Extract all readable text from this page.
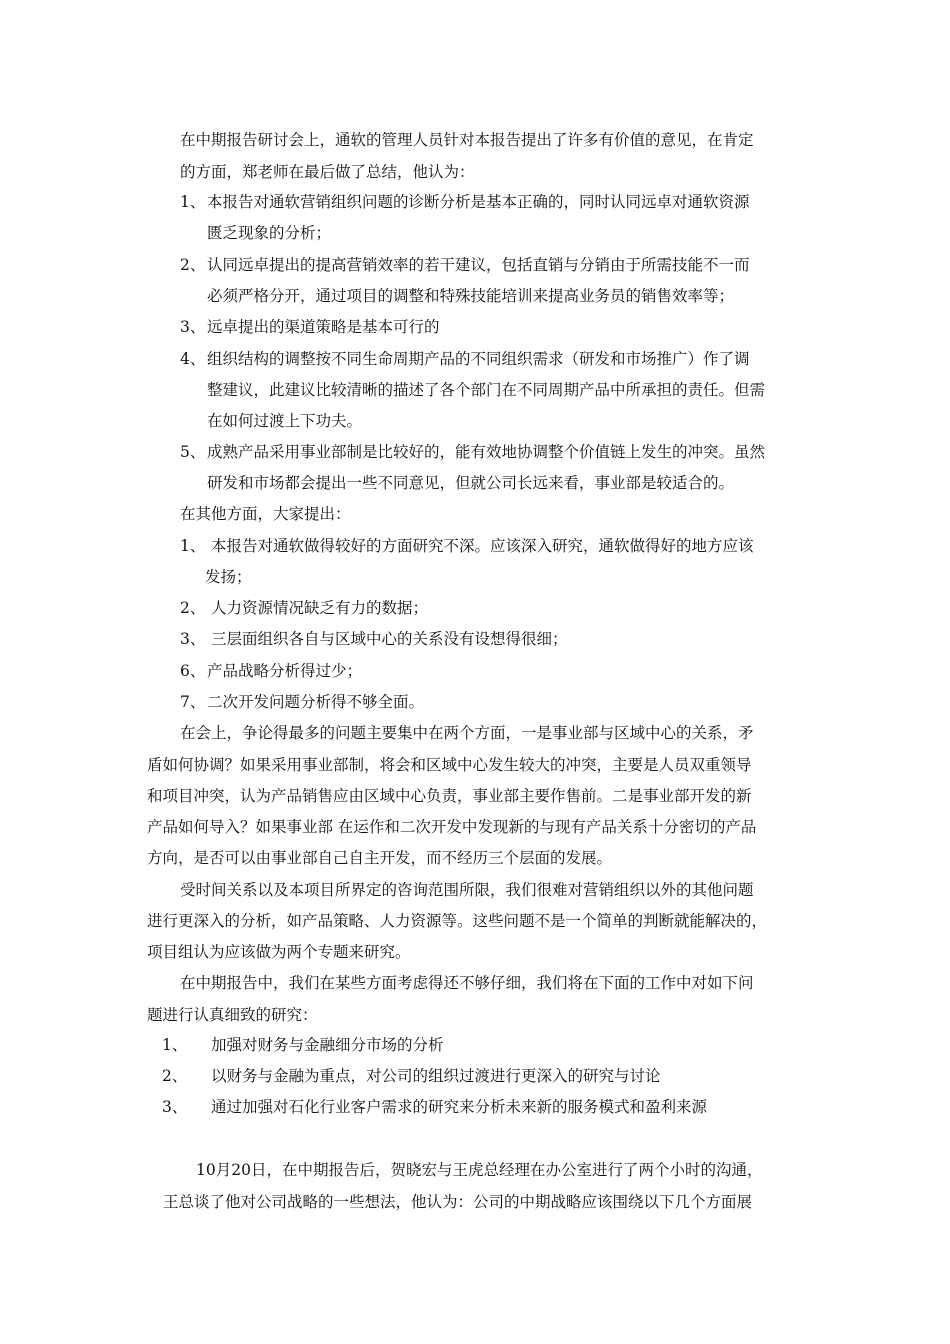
在中期报告研讨会上，通软的管理人员针对本报告提出了许多有价值的意见，在肯定
的方面，郑老师在最后做了总结，他认为：
1、 本报告对通软营销组织问题的诊断分析是基本正确的，同时认同远卓对通软资源
匮乏现象的分析；
2、 认同远卓提出的提高营销效率的若干建议，包括直销与分销由于所需技能不一而
必须严格分开，通过项目的调整和特殊技能培训来提高业务员的销售效率等；
3、 远卓提出的渠道策略是基本可行的
4、 组织结构的调整按不同生命周期产品的不同组织需求（研发和市场推广）作了调
整建议，此建议比较清晰的描述了各个部门在不同周期产品中所承担的责任。但需
在如何过渡上下功夫。
5、 成熟产品采用事业部制是比较好的，能有效地协调整个价值链上发生的冲突。虽然
研发和市场都会提出一些不同意见，但就公司长远来看，事业部是较适合的。
在其他方面，大家提出：
1、 本报告对通软做得较好的方面研究不深。应该深入研究，通软做得好的地方应该
发扬；
2、 人力资源情况缺乏有力的数据；
3、 三层面组织各自与区域中心的关系没有设想得很细；
6、 产品战略分析得过少；
7、 二次开发问题分析得不够全面。
在会上，争论得最多的问题主要集中在两个方面，一是事业部与区域中心的关系，矛
盾如何协调？如果采用事业部制，将会和区域中心发生较大的冲突，主要是人员双重领导
和项目冲突，认为产品销售应由区域中心负责，事业部主要作售前。二是事业部开发的新
产品如何导入？如果事业部 在运作和二次开发中发现新的与现有产品关系十分密切的产品
方向，是否可以由事业部自己自主开发，而不经历三个层面的发展。
受时间关系以及本项目所界定的咨询范围所限，我们很难对营销组织以外的其他问题
进行更深入的分析，如产品策略、人力资源等。这些问题不是一个简单的判断就能解决的，
项目组认为应该做为两个专题来研究。
在中期报告中，我们在某些方面考虑得还不够仔细，我们将在下面的工作中对如下问
题进行认真细致的研究：
1、 加强对财务与金融细分市场的分析
2、 以财务与金融为重点，对公司的组织过渡进行更深入的研究与讨论
3、 通过加强对石化行业客户需求的研究来分析未来新的服务模式和盈利来源
10月20日，在中期报告后，贺晓宏与王虎总经理在办公室进行了两个小时的沟通，
王总谈了他对公司战略的一些想法，他认为：公司的中期战略应该围绕以下几个方面展
